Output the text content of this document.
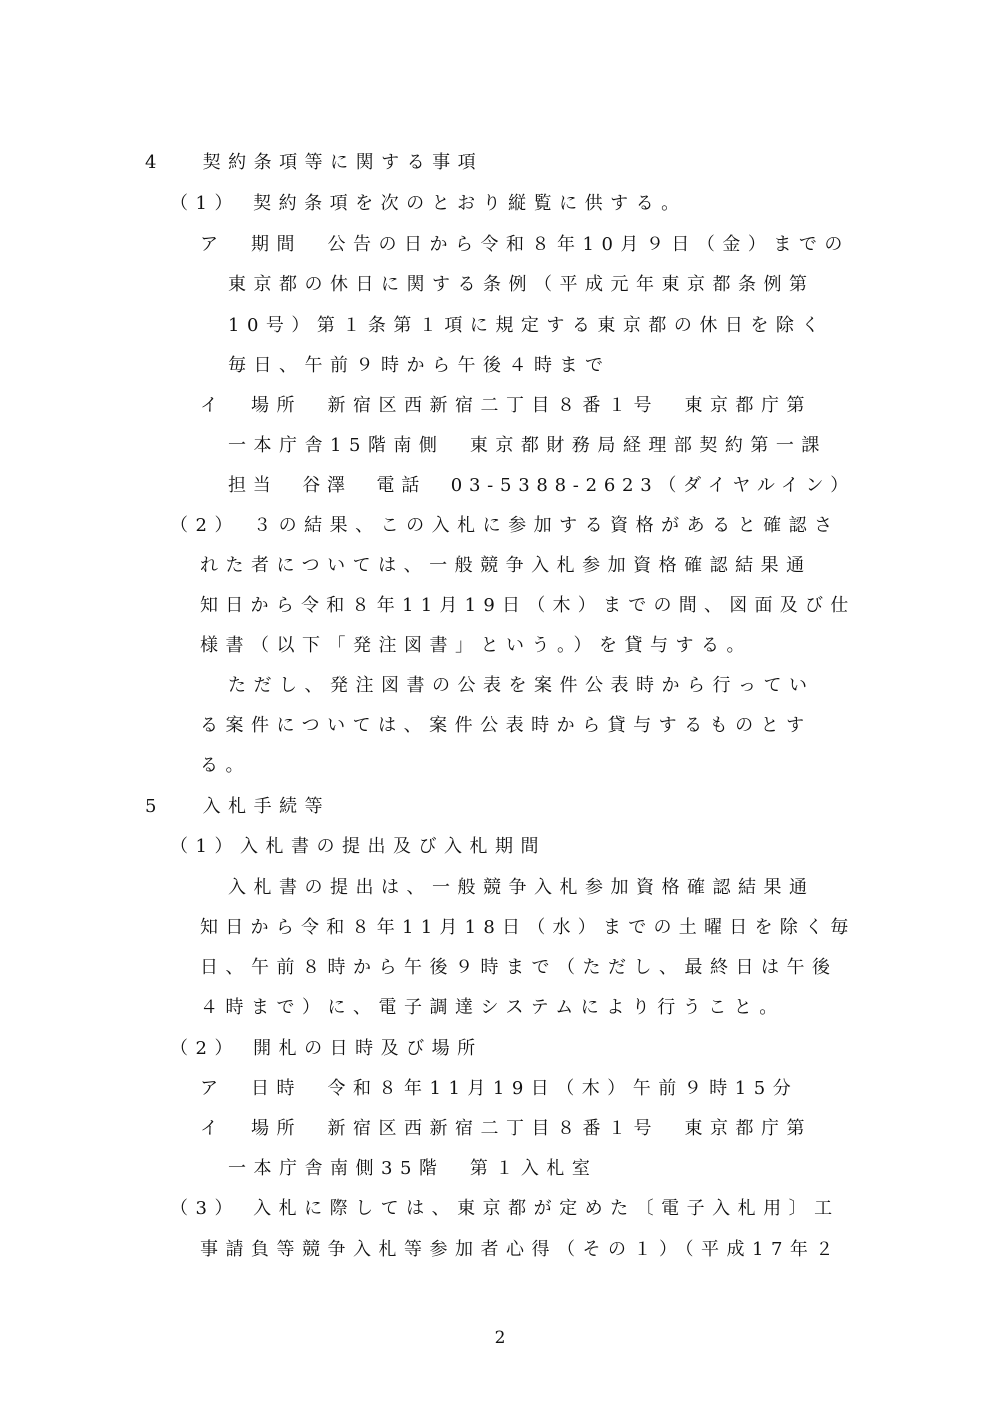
4　 契約条項等に関する事項
（1） 契約条項を次のとおり縦覧に供する。
ア　期間　公告の日から令和８年10月９日（金）までの
東京都の休日に関する条例（平成元年東京都条例第
10号）第１条第１項に規定する東京都の休日を除く
毎日、午前９時から午後４時まで
イ　場所　新宿区西新宿二丁目８番１号　東京都庁第
一本庁舎15階南側　東京都財務局経理部契約第一課
担当　谷澤　電話　03-5388-2623（ダイヤルイン）
（2） ３の結果、この入札に参加する資格があると確認さ
れた者については、一般競争入札参加資格確認結果通
知日から令和８年11月19日（木）までの間、図面及び仕
様書（以下「発注図書」という。）を貸与する。
ただし、発注図書の公表を案件公表時から行ってい
る案件については、案件公表時から貸与するものとす
る。
5　 入札手続等
（1）入札書の提出及び入札期間
入札書の提出は、一般競争入札参加資格確認結果通
知日から令和８年11月18日（水）までの土曜日を除く毎
日、午前８時から午後９時まで（ただし、最終日は午後
４時まで）に、電子調達システムにより行うこと。
（2） 開札の日時及び場所
ア　日時　令和８年11月19日（木）午前９時15分
イ　場所　新宿区西新宿二丁目８番１号　東京都庁第
一本庁舎南側35階　第１入札室
（3） 入札に際しては、東京都が定めた〔電子入札用〕工
事請負等競争入札等参加者心得（その１）（平成17年２
2
